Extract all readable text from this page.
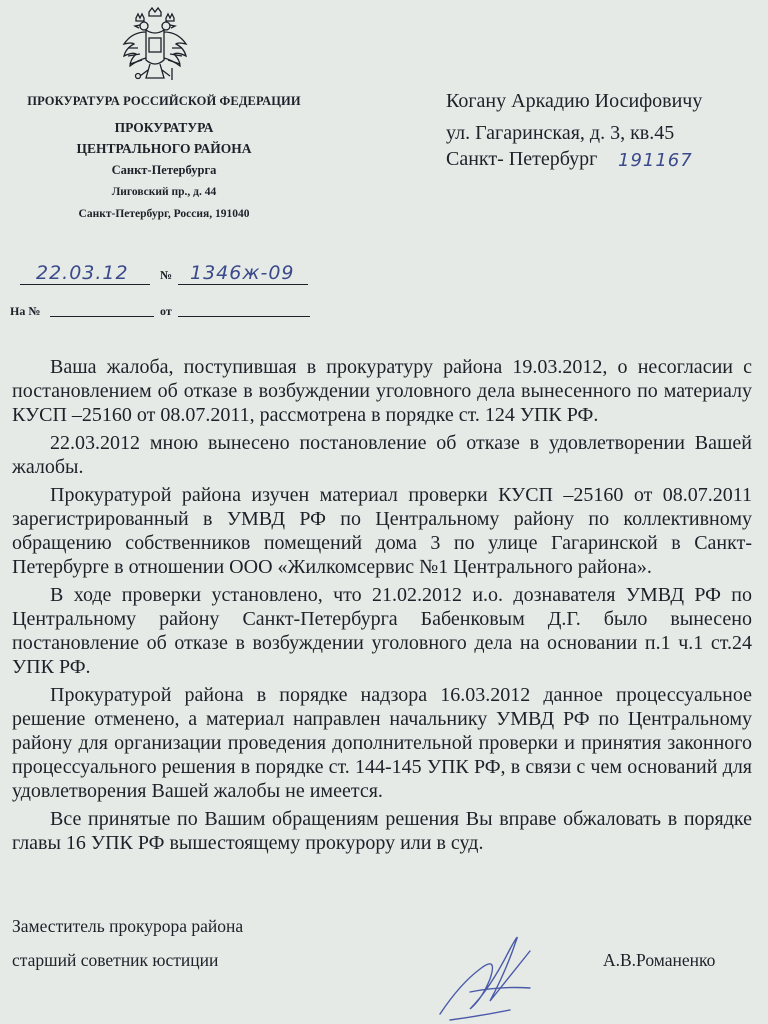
ПРОКУРАТУРА РОССИЙСКОЙ ФЕДЕРАЦИИ
ПРОКУРАТУРА
ЦЕНТРАЛЬНОГО РАЙОНА
Санкт-Петербурга
Лиговский пр., д. 44
Санкт-Петербург, Россия, 191040
22.03.12	№ 1346ж-09
На №	от
Когану Аркадию Иосифовичу
ул. Гагаринская, д. 3, кв.45
Санкт- Петербург 191167

Ваша жалоба, поступившая в прокуратуру района 19.03.2012, о несогласии с постановлением об отказе в возбуждении уголовного дела вынесенного по материалу КУСП –25160 от 08.07.2011, рассмотрена в порядке ст. 124 УПК РФ.

22.03.2012 мною вынесено постановление об отказе в удовлетворении Вашей жалобы.

Прокуратурой района изучен материал проверки КУСП –25160 от 08.07.2011 зарегистрированный в УМВД РФ по Центральному району по коллективному обращению собственников помещений дома 3 по улице Гагаринской в Санкт-Петербурге в отношении ООО «Жилкомсервис №1 Центрального района».

В ходе проверки установлено, что 21.02.2012 и.о. дознавателя УМВД РФ по Центральному району Санкт-Петербурга Бабенковым Д.Г. было вынесено постановление об отказе в возбуждении уголовного дела на основании п.1 ч.1 ст.24 УПК РФ.

Прокуратурой района в порядке надзора 16.03.2012 данное процессуальное решение отменено, а материал направлен начальнику УМВД РФ по Центральному району для организации проведения дополнительной проверки и принятия законного процессуального решения в порядке ст. 144-145 УПК РФ, в связи с чем оснований для удовлетворения Вашей жалобы не имеется.

Все принятые по Вашим обращениям решения Вы вправе обжаловать в порядке главы 16 УПК РФ вышестоящему прокурору или в суд.

Заместитель прокурора района
старший советник юстиции	А.В.Романенко
